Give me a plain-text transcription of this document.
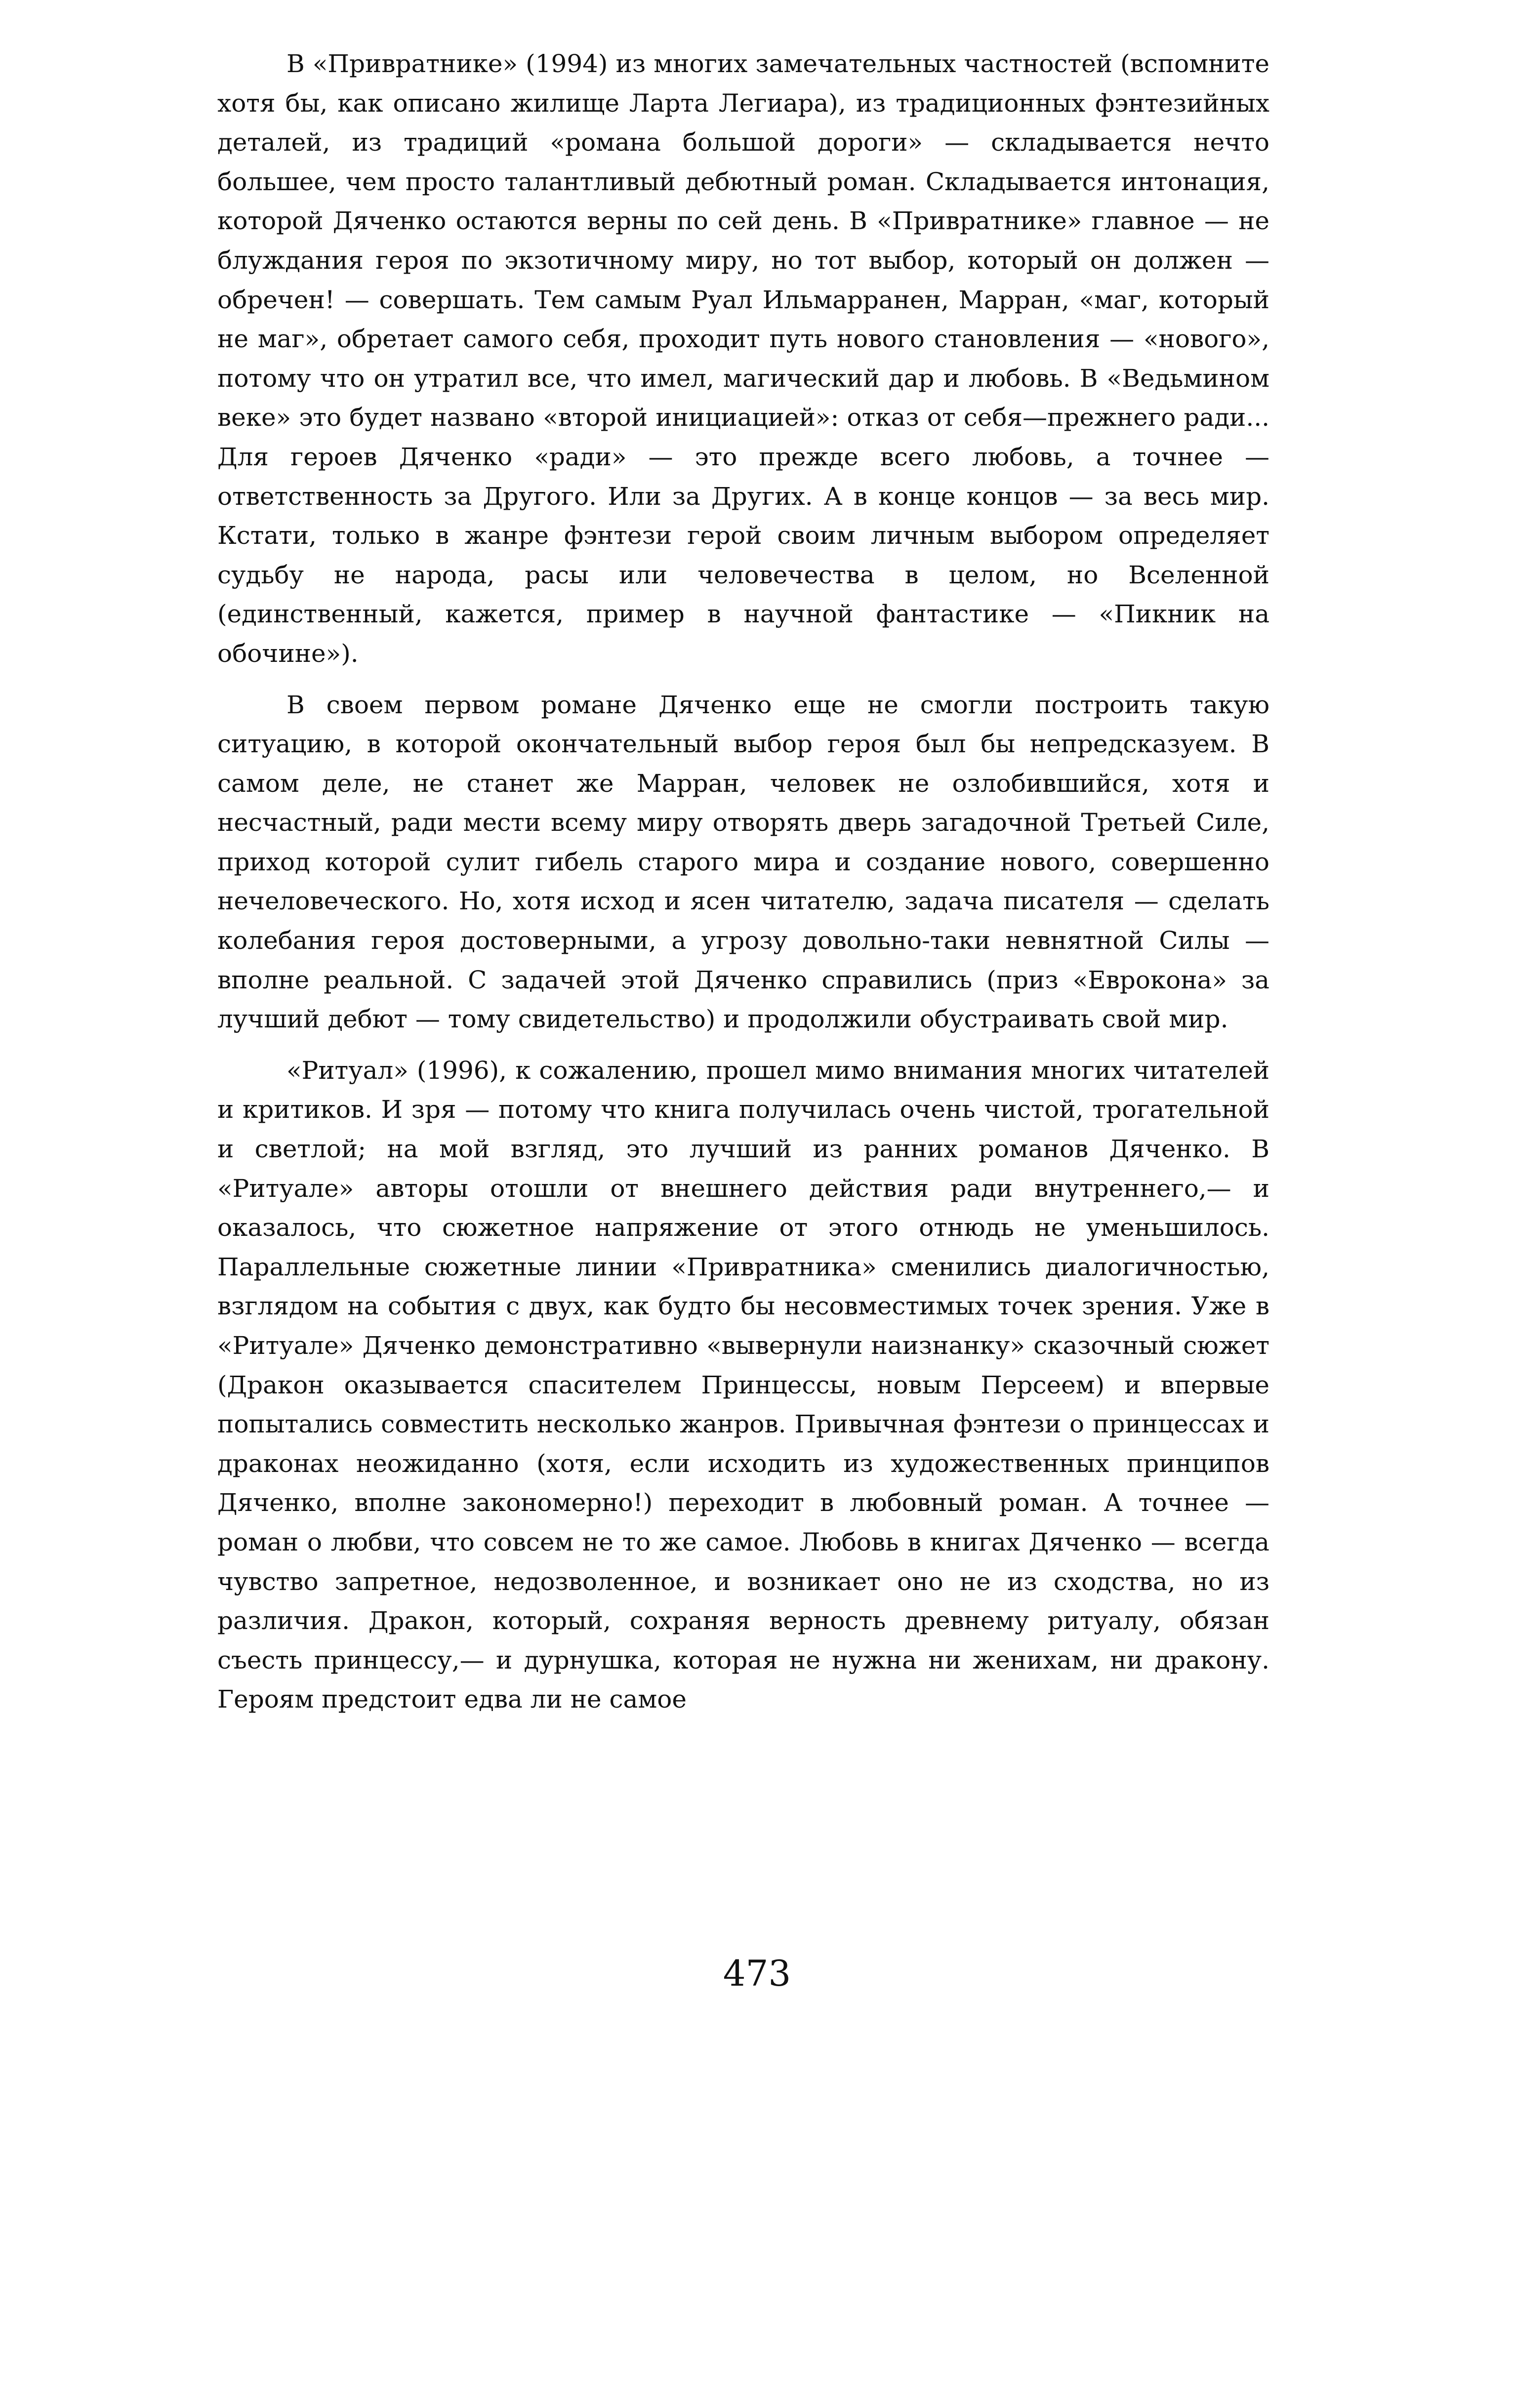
В «Привратнике» (1994) из многих замечательных частностей (вспомните хотя бы, как описано жилище Ларта Легиара), из традиционных фэнтезийных деталей, из традиций «романа большой дороги» — складывается нечто большее, чем просто талантливый дебютный роман. Складывается интонация, которой Дяченко остаются верны по сей день. В «Привратнике» главное — не блуждания героя по экзотичному миру, но тот выбор, который он должен — обречен! — совершать. Тем самым Руал Ильмарранен, Марран, «маг, который не маг», обретает самого себя, проходит путь нового становления — «нового», потому что он утратил все, что имел, магический дар и любовь. В «Ведьмином веке» это будет названо «второй инициацией»: отказ от себя—прежнего ради... Для героев Дяченко «ради» — это прежде всего любовь, а точнее — ответственность за Другого. Или за Других. А в конце концов — за весь мир. Кстати, только в жанре фэнтези герой своим личным выбором определяет судьбу не народа, расы или человечества в целом, но Вселенной (единственный, кажется, пример в научной фантастике — «Пикник на обочине»).

В своем первом романе Дяченко еще не смогли построить такую ситуацию, в которой окончательный выбор героя был бы непредсказуем. В самом деле, не станет же Марран, человек не озлобившийся, хотя и несчастный, ради мести всему миру отворять дверь загадочной Третьей Силе, приход которой сулит гибель старого мира и создание нового, совершенно нечеловеческого. Но, хотя исход и ясен читателю, задача писателя — сделать колебания героя достоверными, а угрозу довольно-таки невнятной Силы — вполне реальной. С задачей этой Дяченко справились (приз «Еврокона» за лучший дебют — тому свидетельство) и продолжили обустраивать свой мир.

«Ритуал» (1996), к сожалению, прошел мимо внимания многих читателей и критиков. И зря — потому что книга получилась очень чистой, трогательной и светлой; на мой взгляд, это лучший из ранних романов Дяченко. В «Ритуале» авторы отошли от внешнего действия ради внутреннего,— и оказалось, что сюжетное напряжение от этого отнюдь не уменьшилось. Параллельные сюжетные линии «Привратника» сменились диалогичностью, взглядом на события с двух, как будто бы несовместимых точек зрения. Уже в «Ритуале» Дяченко демонстративно «вывернули наизнанку» сказочный сюжет (Дракон оказывается спасителем Принцессы, новым Персеем) и впервые попытались совместить несколько жанров. Привычная фэнтези о принцессах и драконах неожиданно (хотя, если исходить из художественных принципов Дяченко, вполне закономерно!) переходит в любовный роман. А точнее — роман о любви, что совсем не то же самое. Любовь в книгах Дяченко — всегда чувство запретное, недозволенное, и возникает оно не из сходства, но из различия. Дракон, который, сохраняя верность древнему ритуалу, обязан съесть принцессу,— и дурнушка, которая не нужна ни женихам, ни дракону. Героям предстоит едва ли не самое

473
